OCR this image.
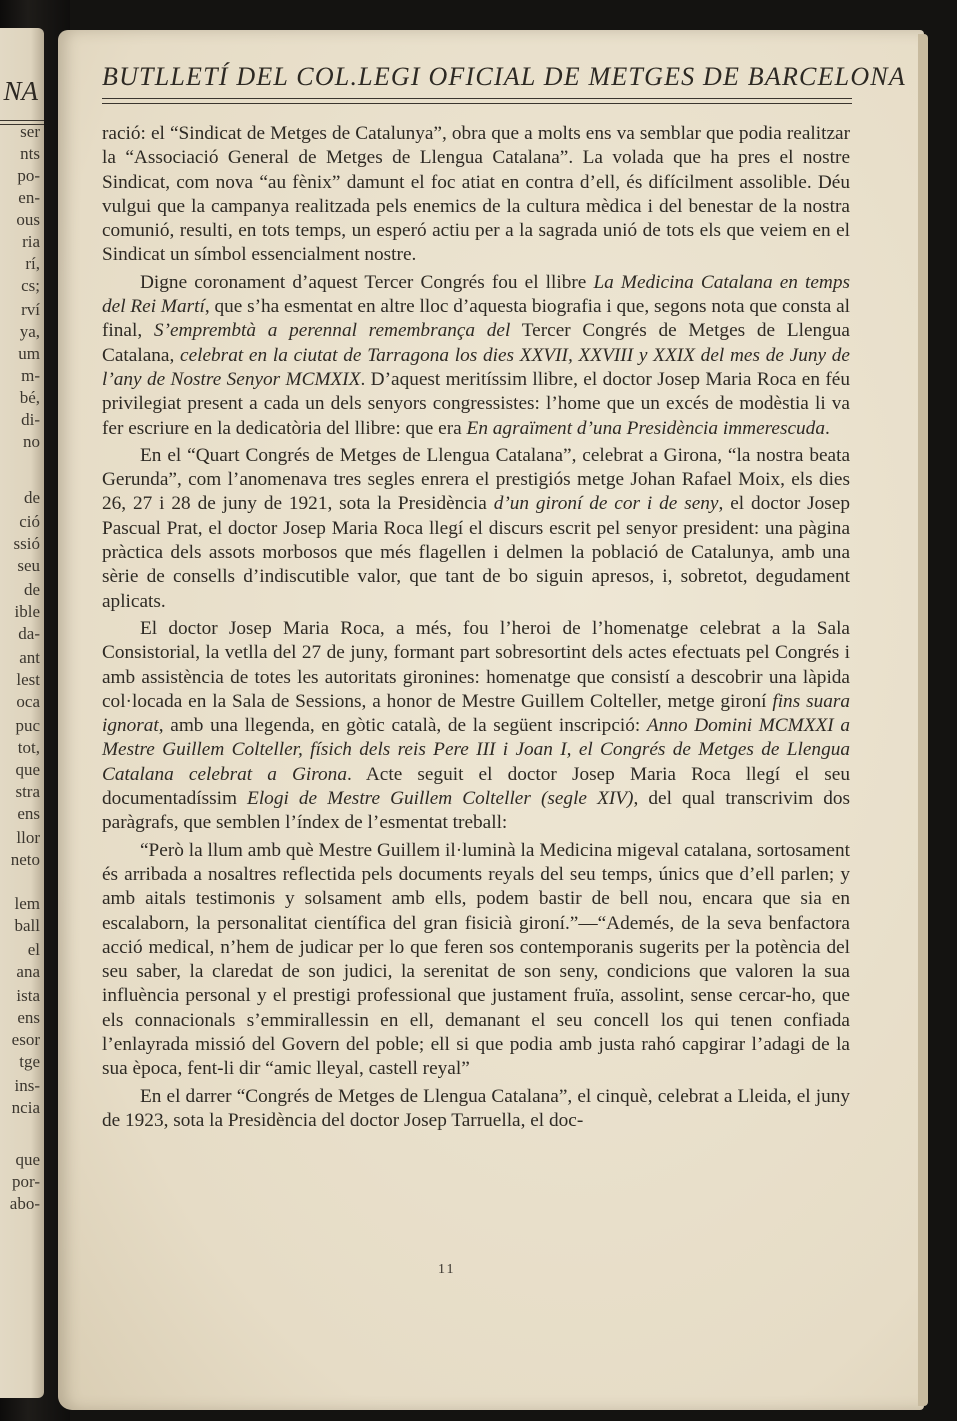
NA
ser
nts
po-
en-
ous
ria
rí,
cs;
rví
ya,
um
m-
bé,
di-
no
de
ció
ssió
seu
de
ible
da-
ant
lest
oca
puc
tot,
que
stra
ens
llor
neto
lem
ball
el
ana
ista
ens
esor
tge
ins-
ncia
que
por-
abo-
BUTLLETÍ DEL COL.LEGI OFICIAL DE METGES DE BARCELONA

ració: el “Sindicat de Metges de Catalunya”, obra que a molts ens va semblar que podia realitzar la “Associació General de Metges de Llengua Catalana”. La volada que ha pres el nostre Sindicat, com nova “au fènix” damunt el foc atiat en contra d’ell, és difícilment assolible. Déu vulgui que la campanya realitzada pels enemics de la cultura mèdica i del benestar de la nostra comunió, resulti, en tots temps, un esperó actiu per a la sagrada unió de tots els que veiem en el Sindicat un símbol essencialment nostre.

Digne coronament d’aquest Tercer Congrés fou el llibre La Medicina Catalana en temps del Rei Martí, que s’ha esmentat en altre lloc d’aquesta biografia i que, segons nota que consta al final, S’emprembtà a perennal remembrança del Tercer Congrés de Metges de Llengua Catalana, celebrat en la ciutat de Tarragona los dies XXVII, XXVIII y XXIX del mes de Juny de l’any de Nostre Senyor MCMXIX. D’aquest meritíssim llibre, el doctor Josep Maria Roca en féu privilegiat present a cada un dels senyors congressistes: l’home que un excés de modèstia li va fer escriure en la dedicatòria del llibre: que era En agraïment d’una Presidència immerescuda.

En el “Quart Congrés de Metges de Llengua Catalana”, celebrat a Girona, “la nostra beata Gerunda”, com l’anomenava tres segles enrera el prestigiós metge Johan Rafael Moix, els dies 26, 27 i 28 de juny de 1921, sota la Presidència d’un gironí de cor i de seny, el doctor Josep Pascual Prat, el doctor Josep Maria Roca llegí el discurs escrit pel senyor president: una pàgina pràctica dels assots morbosos que més flagellen i delmen la població de Catalunya, amb una sèrie de consells d’indiscutible valor, que tant de bo siguin apresos, i, sobretot, degudament aplicats.

El doctor Josep Maria Roca, a més, fou l’heroi de l’homenatge celebrat a la Sala Consistorial, la vetlla del 27 de juny, formant part sobresortint dels actes efectuats pel Congrés i amb assistència de totes les autoritats gironines: homenatge que consistí a descobrir una làpida col·locada en la Sala de Sessions, a honor de Mestre Guillem Colteller, metge gironí fins suara ignorat, amb una llegenda, en gòtic català, de la següent inscripció: Anno Domini MCMXXI a Mestre Guillem Colteller, físich dels reis Pere III i Joan I, el Congrés de Metges de Llengua Catalana celebrat a Girona. Acte seguit el doctor Josep Maria Roca llegí el seu documentadíssim Elogi de Mestre Guillem Colteller (segle XIV), del qual transcrivim dos paràgrafs, que semblen l’índex de l’esmentat treball:

“Però la llum amb què Mestre Guillem il·luminà la Medicina migeval catalana, sortosament és arribada a nosaltres reflectida pels documents reyals del seu temps, únics que d’ell parlen; y amb aitals testimonis y solsament amb ells, podem bastir de bell nou, encara que sia en escalaborn, la personalitat científica del gran fisicià gironí.”—“Ademés, de la seva benfactora acció medical, n’hem de judicar per lo que feren sos contemporanis sugerits per la potència del seu saber, la claredat de son judici, la serenitat de son seny, condicions que valoren la sua influència personal y el prestigi professional que justament fruïa, assolint, sense cercar-ho, que els connacionals s’emmirallessin en ell, demanant el seu concell los qui tenen confiada l’enlayrada missió del Govern del poble; ell si que podia amb justa rahó capgirar l’adagi de la sua època, fent-li dir “amic lleyal, castell reyal”

En el darrer “Congrés de Metges de Llengua Catalana”, el cinquè, celebrat a Lleida, el juny de 1923, sota la Presidència del doctor Josep Tarruella, el doc-

11
